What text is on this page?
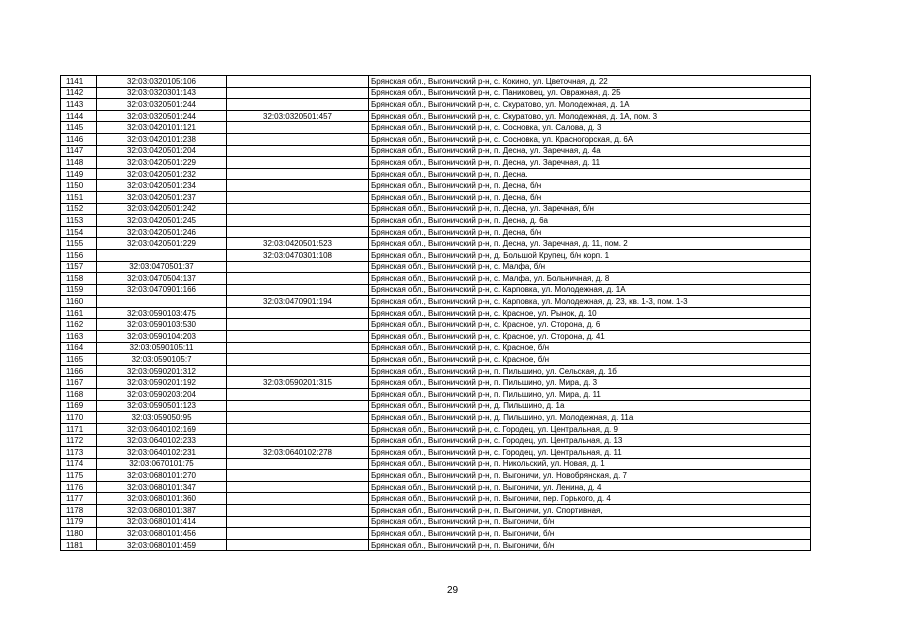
1141	32:03:0320105:106		Брянская обл., Выгоничский р-н, с. Кокино, ул. Цветочная, д. 22
1142	32:03:0320301:143		Брянская обл., Выгоничский р-н, с. Паниковец, ул. Овражная, д. 25
1143	32:03:0320501:244		Брянская обл., Выгоничский р-н, с. Скуратово, ул. Молодежная, д. 1А
1144	32:03:0320501:244	32:03:0320501:457	Брянская обл., Выгоничский р-н, с. Скуратово, ул. Молодежная, д. 1А, пом. 3
1145	32:03:0420101:121		Брянская обл., Выгоничский р-н, с. Сосновка, ул. Салова, д. 3
1146	32:03:0420101:238		Брянская обл., Выгоничский р-н, с. Сосновка, ул. Красногорская, д. 6А
1147	32:03:0420501:204		Брянская обл., Выгоничский р-н, п. Десна, ул. Заречная, д. 4а
1148	32:03:0420501:229		Брянская обл., Выгоничский р-н, п. Десна, ул. Заречная, д. 11
1149	32:03:0420501:232		Брянская обл., Выгоничский р-н, п. Десна.
1150	32:03:0420501:234		Брянская обл., Выгоничский р-н, п. Десна, б/н
1151	32:03:0420501:237		Брянская обл., Выгоничский р-н, п. Десна, б/н
1152	32:03:0420501:242		Брянская обл., Выгоничский р-н, п. Десна, ул. Заречная, б/н
1153	32:03:0420501:245		Брянская обл., Выгоничский р-н, п. Десна, д. 6а
1154	32:03:0420501:246		Брянская обл., Выгоничский р-н, п. Десна, б/н
1155	32:03:0420501:229	32:03:0420501:523	Брянская обл., Выгоничский р-н, п. Десна, ул. Заречная, д. 11, пом. 2
1156		32:03:0470301:108	Брянская обл., Выгоничский р-н, д. Большой Крупец, б/н корп. 1
1157	32:03:0470501:37		Брянская обл., Выгоничский р-н, с. Малфа, б/н
1158	32:03:0470504:137		Брянская обл., Выгоничский р-н, с. Малфа, ул. Больничная, д. 8
1159	32:03:0470901:166		Брянская обл., Выгоничский р-н, с. Карповка, ул. Молодежная, д. 1А
1160		32:03:0470901:194	Брянская обл., Выгоничский р-н, с. Карповка, ул. Молодежная, д. 23, кв. 1-3, пом. 1-3
1161	32:03:0590103:475		Брянская обл., Выгоничский р-н, с. Красное, ул. Рынок, д. 10
1162	32:03:0590103:530		Брянская обл., Выгоничский р-н, с. Красное, ул. Сторона, д. 6
1163	32:03:0590104:203		Брянская обл., Выгоничский р-н, с. Красное, ул. Сторона, д. 41
1164	32:03:0590105:11		Брянская обл., Выгоничский р-н, с. Красное, б/н
1165	32:03:0590105:7		Брянская обл., Выгоничский р-н, с. Красное, б/н
1166	32:03:0590201:312		Брянская обл., Выгоничский р-н, п. Пильшино, ул. Сельская, д. 1б
1167	32:03:0590201:192	32:03:0590201:315	Брянская обл., Выгоничский р-н, п. Пильшино, ул. Мира, д. 3
1168	32:03:0590203:204		Брянская обл., Выгоничский р-н, п. Пильшино, ул. Мира, д. 11
1169	32:03:0590501:123		Брянская обл., Выгоничский р-н, д. Пильшино, д. 1а
1170	32:03:059050:95		Брянская обл., Выгоничский р-н, д. Пильшино, ул. Молодежная, д. 11а
1171	32:03:0640102:169		Брянская обл., Выгоничский р-н, с. Городец, ул. Центральная, д. 9
1172	32:03:0640102:233		Брянская обл., Выгоничский р-н, с. Городец, ул. Центральная, д. 13
1173	32:03:0640102:231	32:03:0640102:278	Брянская обл., Выгоничский р-н, с. Городец, ул. Центральная, д. 11
1174	32:03:0670101:75		Брянская обл., Выгоничский р-н, п. Никольский, ул. Новая, д. 1
1175	32:03:0680101:270		Брянская обл., Выгоничский р-н, п. Выгоничи, ул. Новобрянская, д. 7
1176	32:03:0680101:347		Брянская обл., Выгоничский р-н, п. Выгоничи, ул. Ленина, д. 4
1177	32:03:0680101:360		Брянская обл., Выгоничский р-н, п. Выгоничи, пер. Горького, д. 4
1178	32:03:0680101:387		Брянская обл., Выгоничский р-н, п. Выгоничи, ул. Спортивная,
1179	32:03:0680101:414		Брянская обл., Выгоничский р-н, п. Выгоничи, б/н
1180	32:03:0680101:456		Брянская обл., Выгоничский р-н, п. Выгоничи, б/н
1181	32:03:0680101:459		Брянская обл., Выгоничский р-н, п. Выгоничи, б/н
29
